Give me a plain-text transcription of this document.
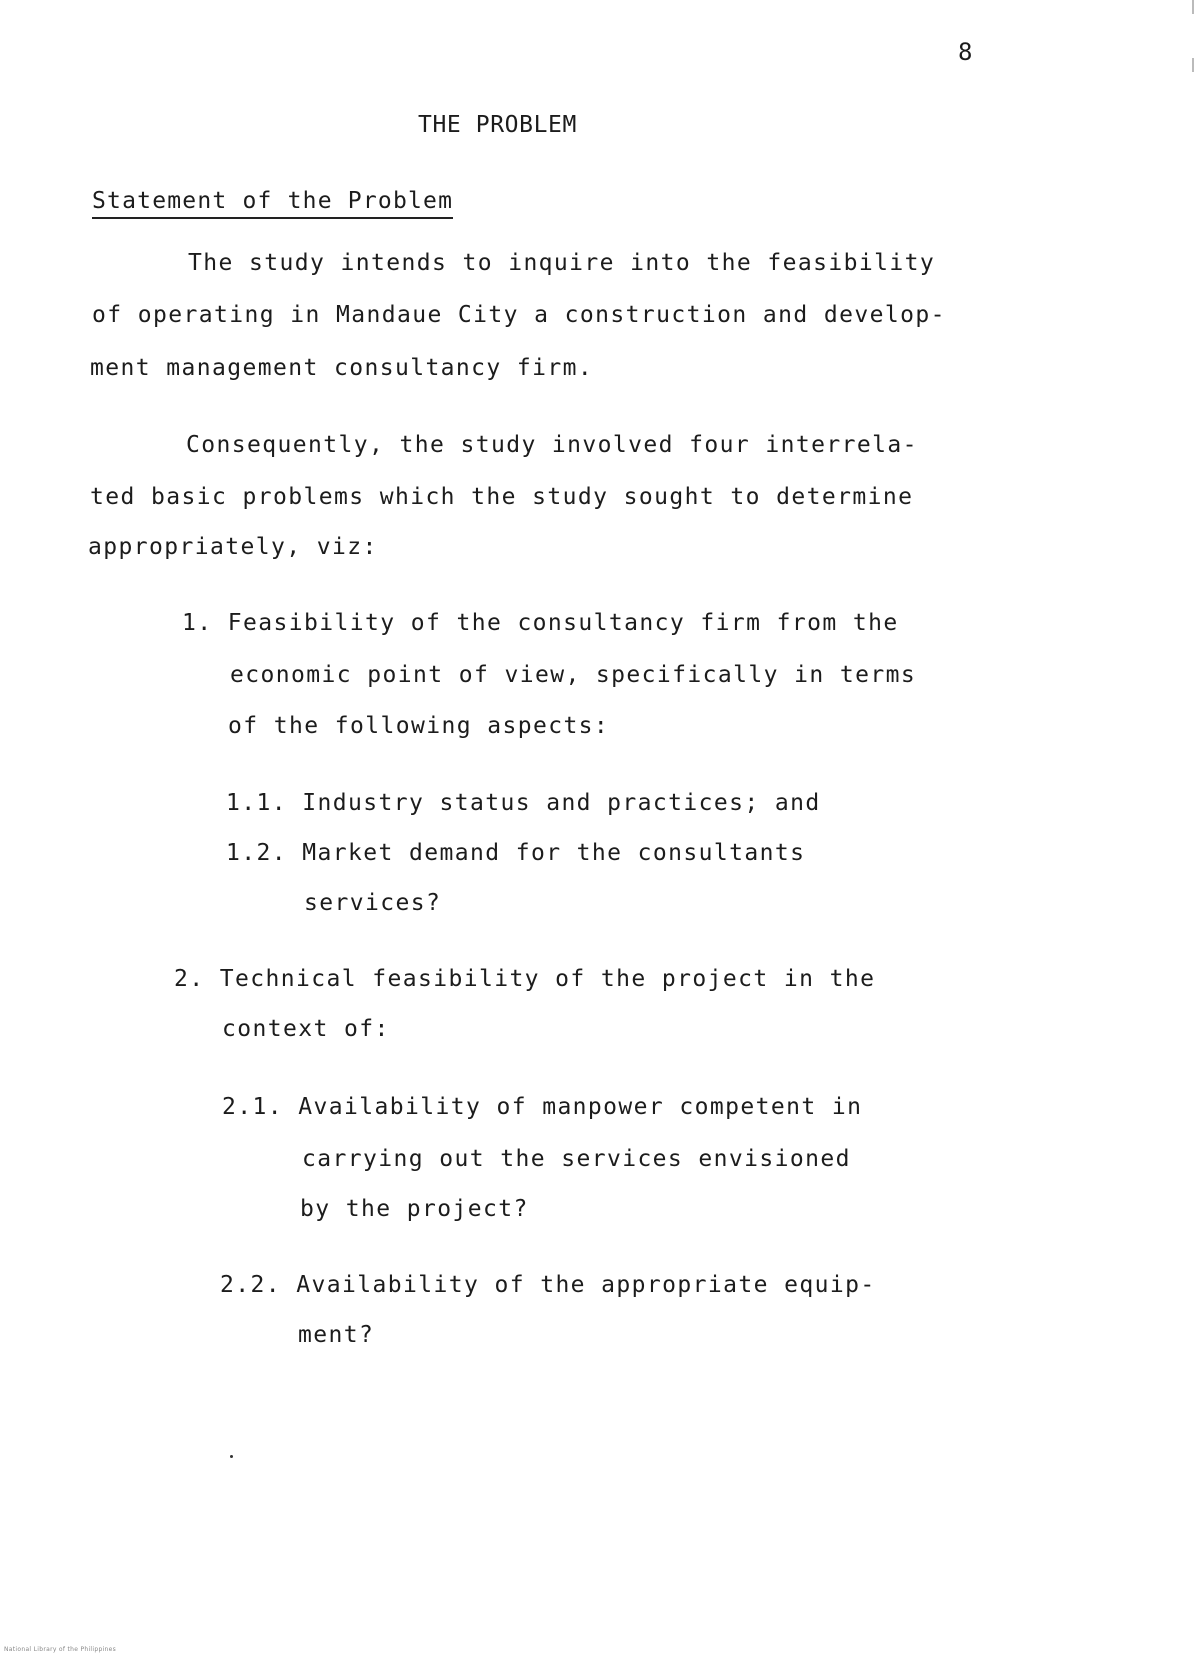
8
THE PROBLEM
Statement of the Problem
The study intends to inquire into the feasibility
of operating in Mandaue City a construction and develop-
ment management consultancy firm.
Consequently, the study involved four interrela-
ted basic problems which the study sought to determine
appropriately, viz:
1. Feasibility of the consultancy firm from the
economic point of view, specifically in terms
of the following aspects:
1.1. Industry status and practices; and
1.2. Market demand for the consultants
services?
2. Technical feasibility of the project in the
context of:
2.1. Availability of manpower competent in
carrying out the services envisioned
by the project?
2.2. Availability of the appropriate equip-
ment?
National Library of the Philippines
